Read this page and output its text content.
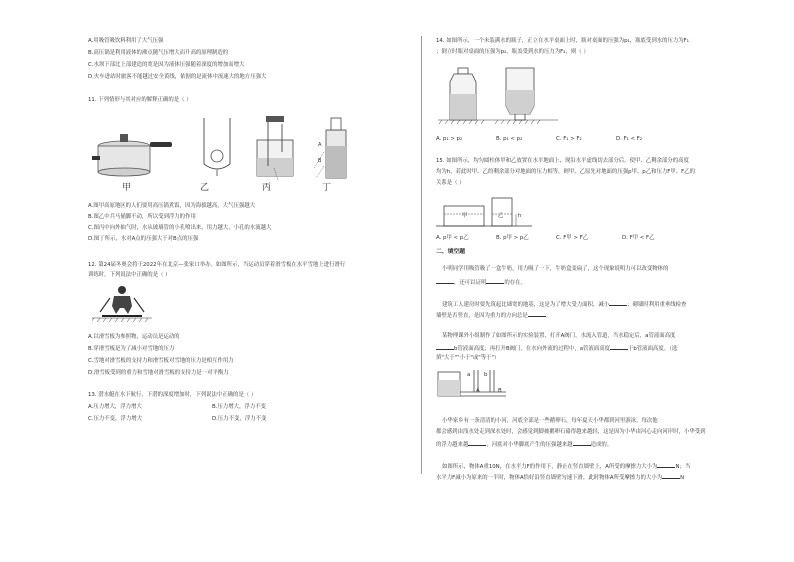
A.用吸管吸饮料利用了大气压强
B.高压锅是利用液体的沸点随气压增大而升高的原理制造的
C.水坝下部比上部建造的宽是因为液体压强随着深度的增加而增大
D.火车进站时旅客不能越过安全黄线，依据的是流体中流速大的地方压强大
11. 下列情形与其对应的解释正确的是（ ）
A
B
甲	乙	丙	丁
A.图甲高原地区的人们要用高压锅煮饭，因为海拔越高，大气压强越大
B.图乙中兵马俑脚不动，所以受到浮力的作用
C.图丙中向外抽气时，水从玻璃管的小孔喷出来，用力越大，小孔的水流越大
D.图丁所示，水对A点的压强大于对B点的压强
12. 第24届冬奥会将于2022年在北京—张家口举办。如图所示，当运动员穿着滑雪板在水平雪地上进行滑行
训练时，下列说法中正确的是（ ）
A.以滑雪板为参照物，运动员是运动的
B.穿滑雪板是为了减小对雪地的压力
C.雪地对滑雪板的支持力和滑雪板对雪地的压力是相互作用力
D.滑雪板受到的重力和雪地对滑雪板的支持力是一对平衡力
13. 潜水艇在水下航行，下潜的深度增加时，下列说法中正确的是（ ）
A.压力增大，浮力增大	B.压力增大，浮力不变
C.压力不变，浮力增大	D.压力不变，浮力不变
14. 如图所示，一个未装满水的瓶子，正立在水平桌面上时，瓶对桌面的压强为p₁，瓶底受到水的压力为F₁
；倒立时瓶对桌面的压强为p₂，瓶盖受到水的压力为F₂，则（ ）
A. p₁ > p₂	B. p₁ < p₂	C. F₁ > F₂	D. F₁ < F₂
15. 如图所示，均匀圆柱体甲和乙放置在水平地面上，现沿水平虚线切去部分后，使甲、乙剩余部分的高度
均为h，若此时甲、乙的剩余部分对地面的压力相等，则甲、乙原先对地面的压强p甲、p乙和压力F甲、F乙的
关系是（ ）
甲	乙	h
A. p甲 < p乙	B. p甲 > p乙	C. F甲 > F乙	D. F甲 < F乙
二、填空题
小明同学用吸管吸了一盒牛奶，用力吸了一下，牛奶盒变扁了，这个现象说明力可以改变物体的
，还可以证明	的存在。
建筑工人建房时要先筑起比墙宽的地基，这是为了增大受力面积，减小	；砌墙时利用重垂线检查
墙壁是否竖直，是因为重力的方向总是	。
某物理课外小组制作了如图所示的实验装置，打开A阀门，水流入管道，当水稳定后，a管液面高度
b管液面高度；再打开B阀门，在水向外流的过程中，a管液面高度	于b管液面高度。（选
填"大于""小于"或"等于"）
A	B
a	b
小华家乡有一条清清的小河，河底全部是一些鹅卵石，每年夏天小华都到河里游泳，每次他
都会感到由浅水处走到深水处时，会感觉到脚被鹅卵石硌得越来越轻，这是因为小华由河心走向河岸时，小华受到
的浮力越来越	，河底对小华脚底产生的压强越来越	造成的。
如图所示，物体A重10N，在水平力F的作用下，静止在竖直墙壁上，A所受的摩擦力大小为	N；当
水平力F减小为原来的一半时，物体A恰好沿竖直墙壁匀速下滑，此时物体A所受摩擦力的大小为	N
